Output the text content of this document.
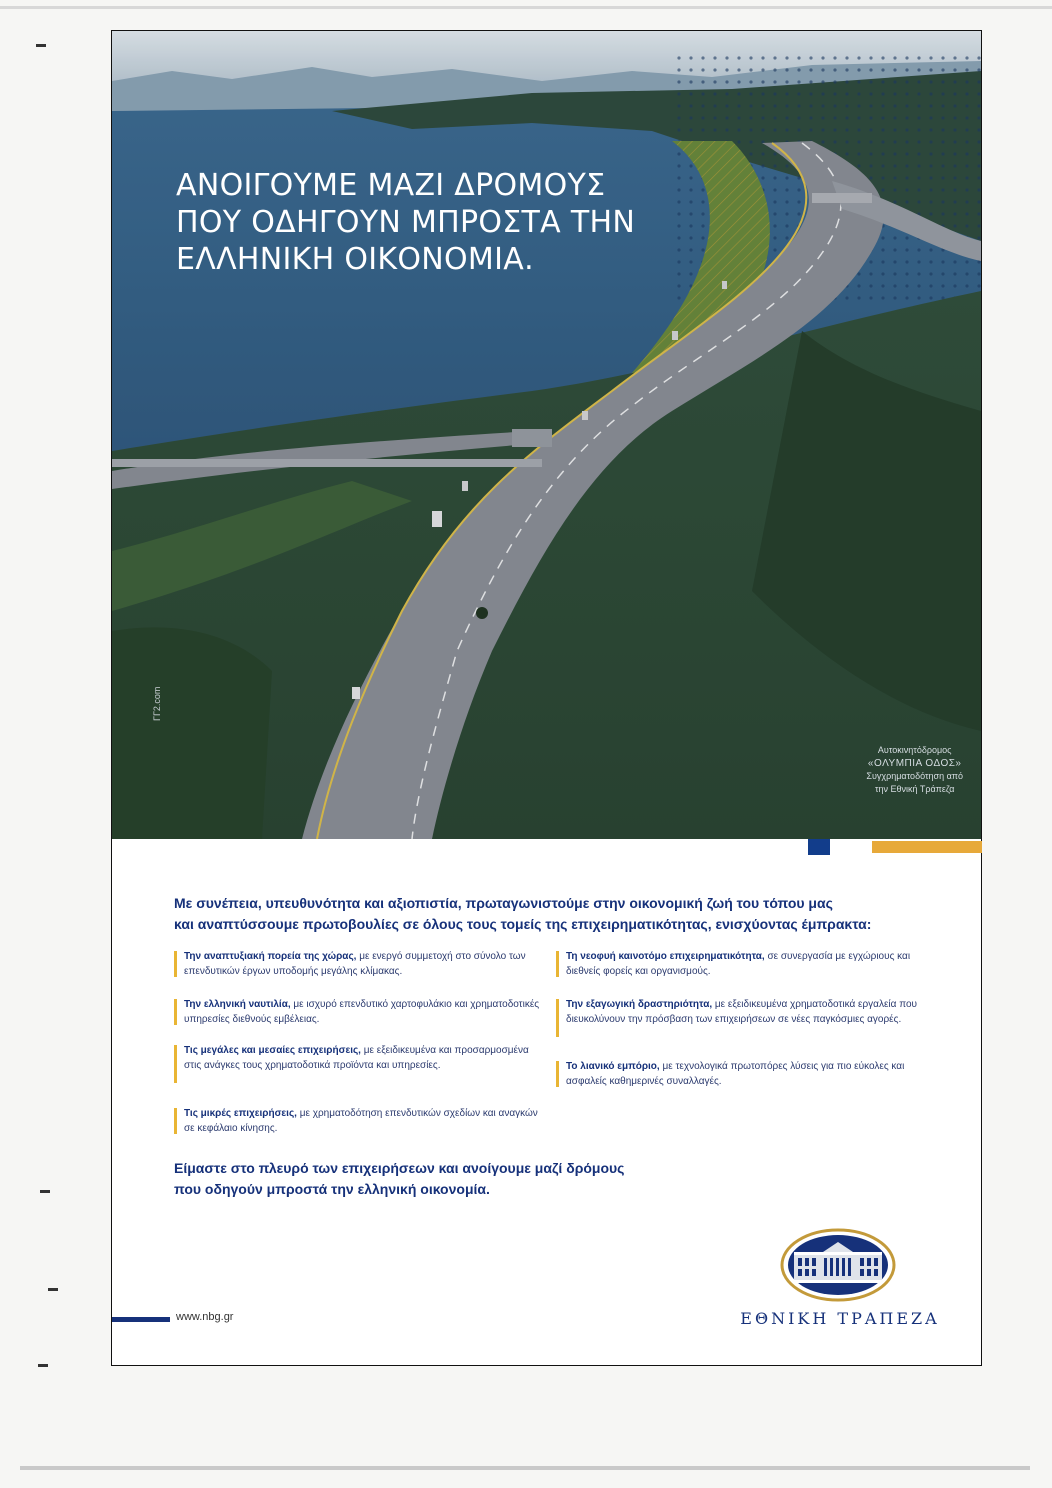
ΑΝΟΙΓΟΥΜΕ ΜΑΖΙ ΔΡΟΜΟΥΣ
ΠΟΥ ΟΔΗΓΟΥΝ ΜΠΡΟΣΤΑ ΤΗΝ
ΕΛΛΗΝΙΚΗ ΟΙΚΟΝΟΜΙΑ.
ΓΓ2.com
Αυτοκινητόδρομος
«ΟΛΥΜΠΙΑ ΟΔΟΣ»
Συγχρηματοδότηση από
την Εθνική Τράπεζα

Με συνέπεια, υπευθυνότητα και αξιοπιστία, πρωταγωνιστούμε στην οικονομική ζωή του τόπου μας
και αναπτύσσουμε πρωτοβουλίες σε όλους τους τομείς της επιχειρηματικότητας, ενισχύοντας έμπρακτα:

Την αναπτυξιακή πορεία της χώρας, με ενεργό συμμετοχή στο σύνολο των επενδυτικών έργων υποδομής μεγάλης κλίμακας.
Την ελληνική ναυτιλία, με ισχυρό επενδυτικό χαρτοφυλάκιο και χρηματοδοτικές υπηρεσίες διεθνούς εμβέλειας.
Τις μεγάλες και μεσαίες επιχειρήσεις, με εξειδικευμένα και προσαρμοσμένα στις ανάγκες τους χρηματοδοτικά προϊόντα και υπηρεσίες.
Τις μικρές επιχειρήσεις, με χρηματοδότηση επενδυτικών σχεδίων και αναγκών σε κεφάλαιο κίνησης.
Τη νεοφυή καινοτόμο επιχειρηματικότητα, σε συνεργασία με εγχώριους και διεθνείς φορείς και οργανισμούς.
Την εξαγωγική δραστηριότητα, με εξειδικευμένα χρηματοδοτικά εργαλεία που διευκολύνουν την πρόσβαση των επιχειρήσεων σε νέες παγκόσμιες αγορές.
Το λιανικό εμπόριο, με τεχνολογικά πρωτοπόρες λύσεις για πιο εύκολες και ασφαλείς καθημερινές συναλλαγές.

Είμαστε στο πλευρό των επιχειρήσεων και ανοίγουμε μαζί δρόμους
που οδηγούν μπροστά την ελληνική οικονομία.

ΕΘΝΙΚΗ ΤΡΑΠΕΖΑ
www.nbg.gr
